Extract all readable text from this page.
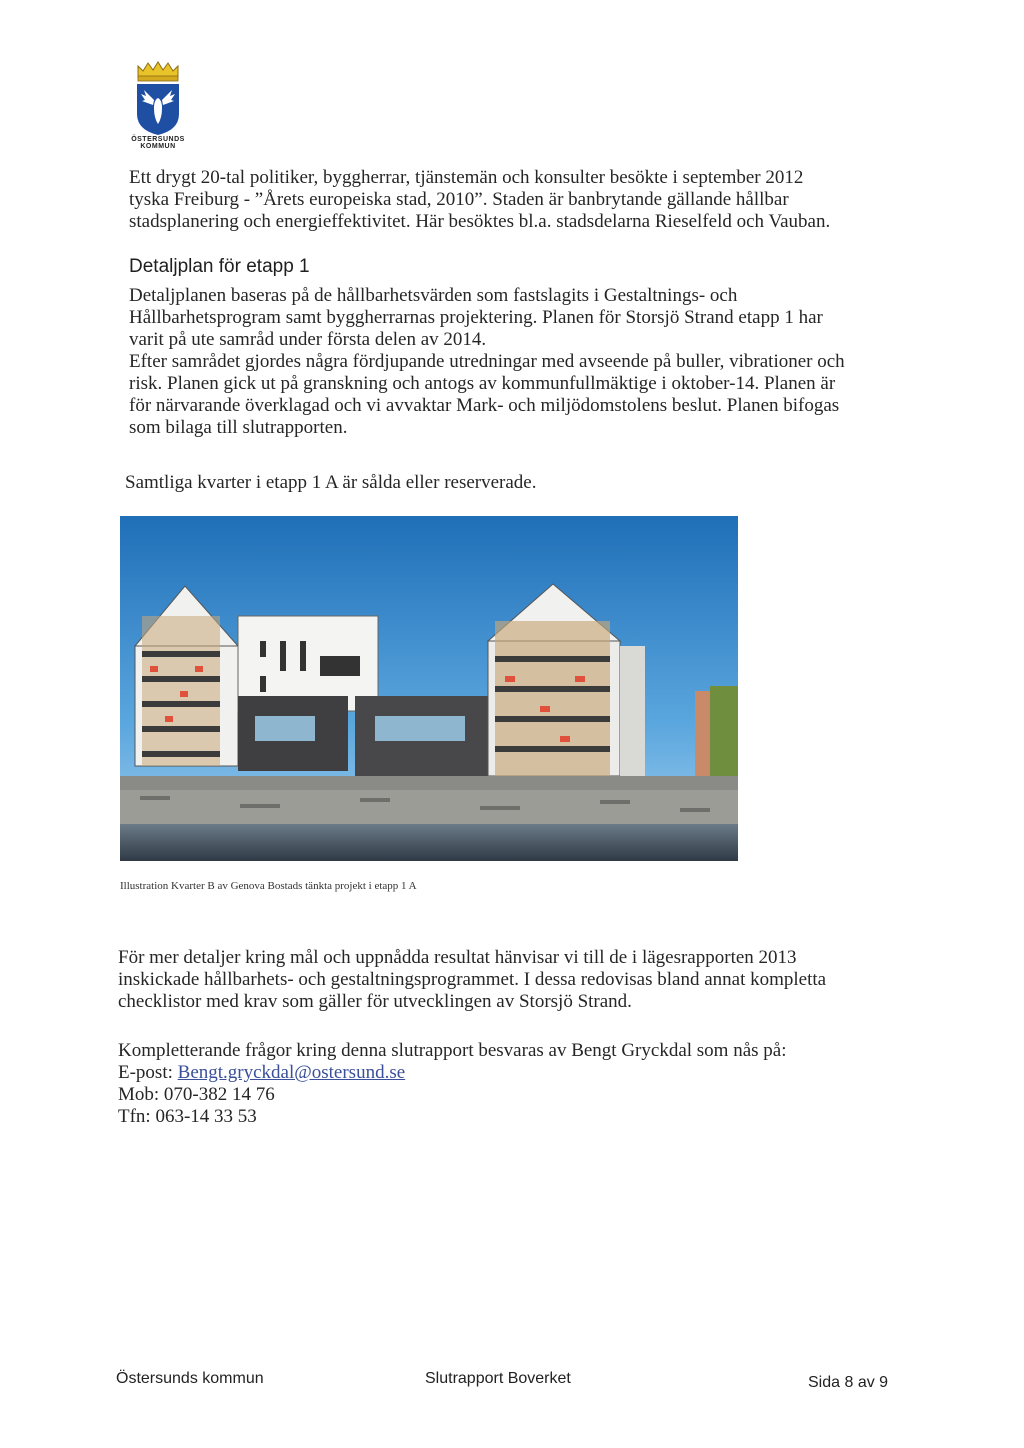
ÖSTERSUNDS
KOMMUN
Ett drygt 20-tal politiker, byggherrar, tjänstemän och konsulter besökte i september 2012
tyska Freiburg - ”Årets europeiska stad, 2010”. Staden är banbrytande gällande hållbar
stadsplanering och energieffektivitet. Här besöktes bl.a. stadsdelarna Rieselfeld och Vauban.
Detaljplan för etapp 1
Detaljplanen baseras på de hållbarhetsvärden som fastslagits i Gestaltnings- och
Hållbarhetsprogram samt byggherrarnas projektering. Planen för Storsjö Strand etapp 1 har
varit på ute samråd under första delen av 2014.
Efter samrådet gjordes några fördjupande utredningar med avseende på buller, vibrationer och
risk. Planen gick ut på granskning och antogs av kommunfullmäktige i oktober-14. Planen är
för närvarande överklagad och vi avvaktar Mark- och miljödomstolens beslut. Planen bifogas
som bilaga till slutrapporten.
Samtliga kvarter i etapp 1 A är sålda eller reserverade.
Illustration Kvarter B av Genova Bostads tänkta projekt i etapp 1 A
För mer detaljer kring mål och uppnådda resultat hänvisar vi till de i lägesrapporten 2013
inskickade hållbarhets- och gestaltningsprogrammet. I dessa redovisas bland annat kompletta
checklistor med krav som gäller för utvecklingen av Storsjö Strand.
Kompletterande frågor kring denna slutrapport besvaras av Bengt Gryckdal som nås på:
E-post: Bengt.gryckdal@ostersund.se
Mob: 070-382 14 76
Tfn: 063-14 33 53
Östersunds kommun	Slutrapport Boverket	Sida 8 av 9
